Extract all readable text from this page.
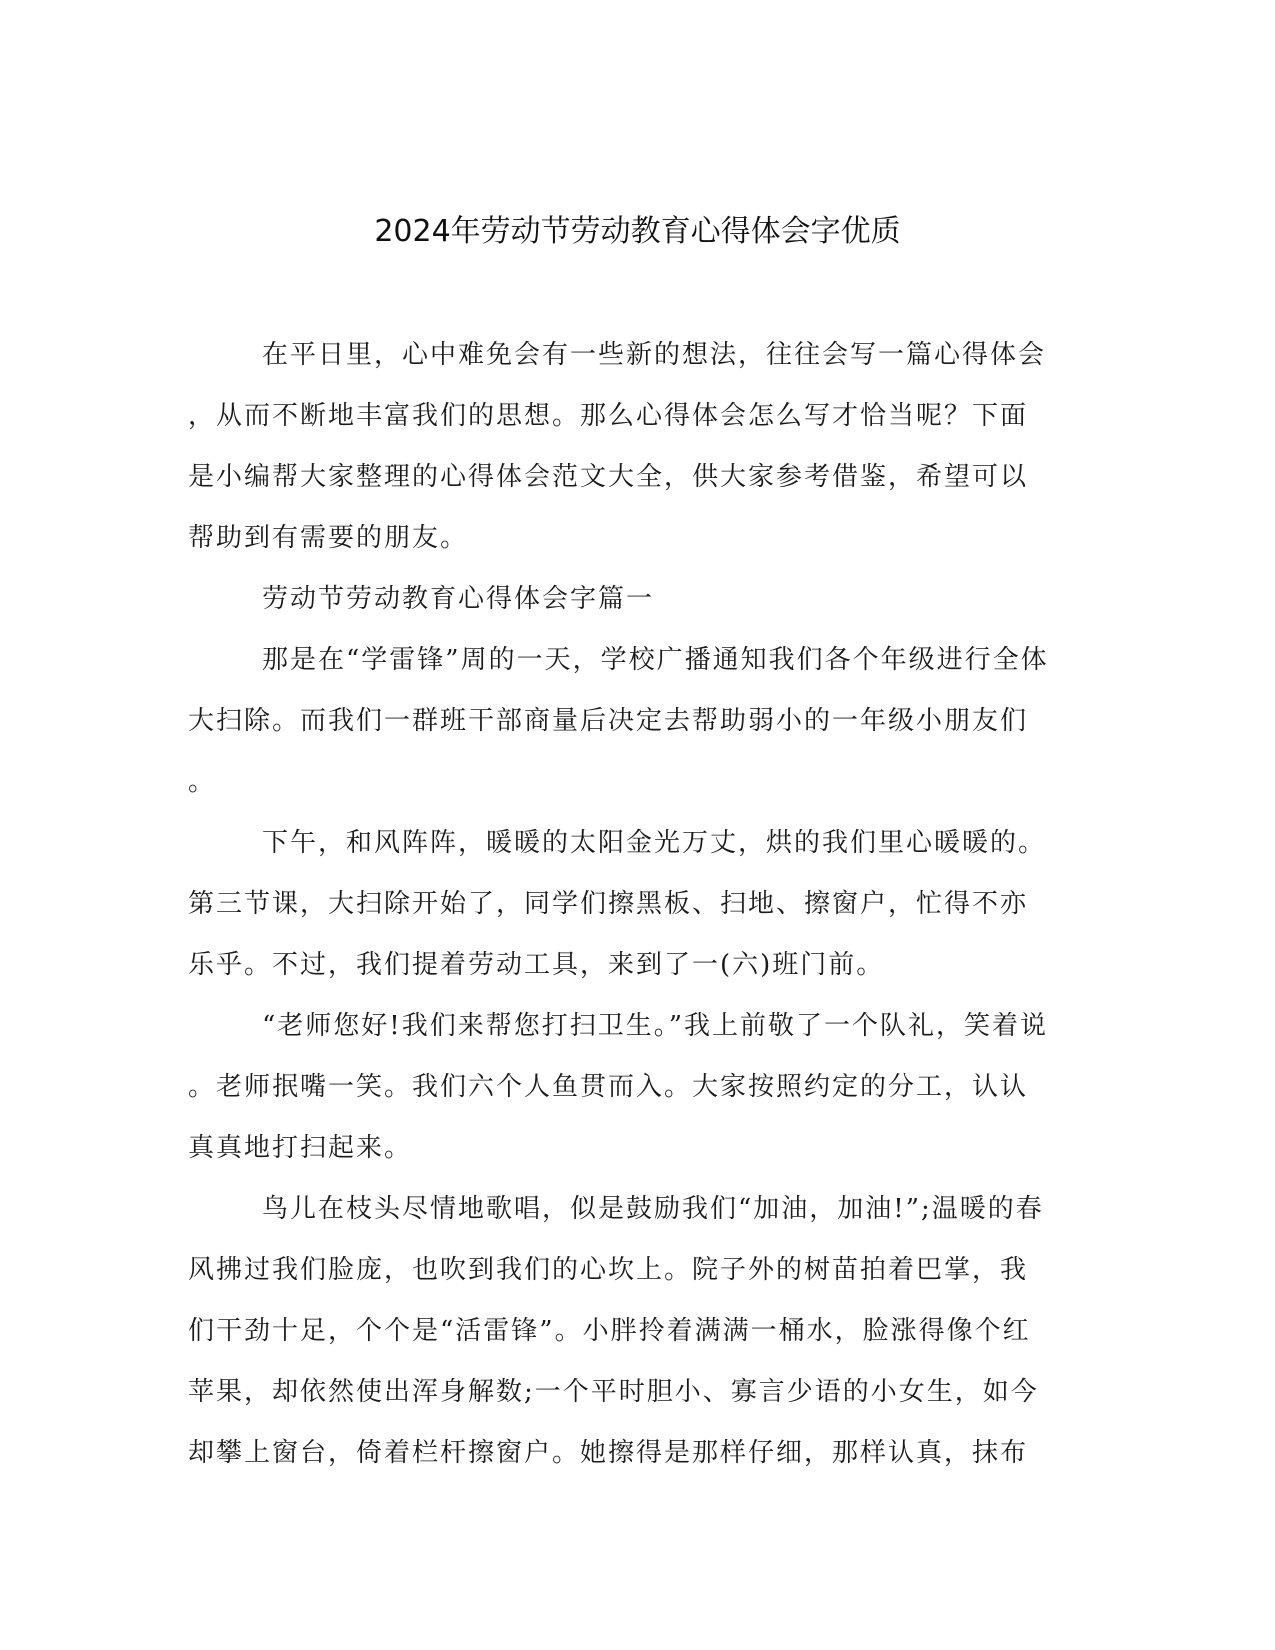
2024年劳动节劳动教育心得体会字优质
在平日里，心中难免会有一些新的想法，往往会写一篇心得体会
，从而不断地丰富我们的思想。那么心得体会怎么写才恰当呢？下面
是小编帮大家整理的心得体会范文大全，供大家参考借鉴，希望可以
帮助到有需要的朋友。
劳动节劳动教育心得体会字篇一
那是在“学雷锋”周的一天，学校广播通知我们各个年级进行全体
大扫除。而我们一群班干部商量后决定去帮助弱小的一年级小朋友们
。
下午，和风阵阵，暖暖的太阳金光万丈，烘的我们里心暖暖的。
第三节课，大扫除开始了，同学们擦黑板、扫地、擦窗户，忙得不亦
乐乎。不过，我们提着劳动工具，来到了一(六)班门前。
“老师您好!我们来帮您打扫卫生。”我上前敬了一个队礼，笑着说
。老师抿嘴一笑。我们六个人鱼贯而入。大家按照约定的分工，认认
真真地打扫起来。
鸟儿在枝头尽情地歌唱，似是鼓励我们“加油，加油!”;温暖的春
风拂过我们脸庞，也吹到我们的心坎上。院子外的树苗拍着巴掌，我
们干劲十足，个个是“活雷锋”。小胖拎着满满一桶水，脸涨得像个红
苹果，却依然使出浑身解数;一个平时胆小、寡言少语的小女生，如今
却攀上窗台，倚着栏杆擦窗户。她擦得是那样仔细，那样认真，抹布
